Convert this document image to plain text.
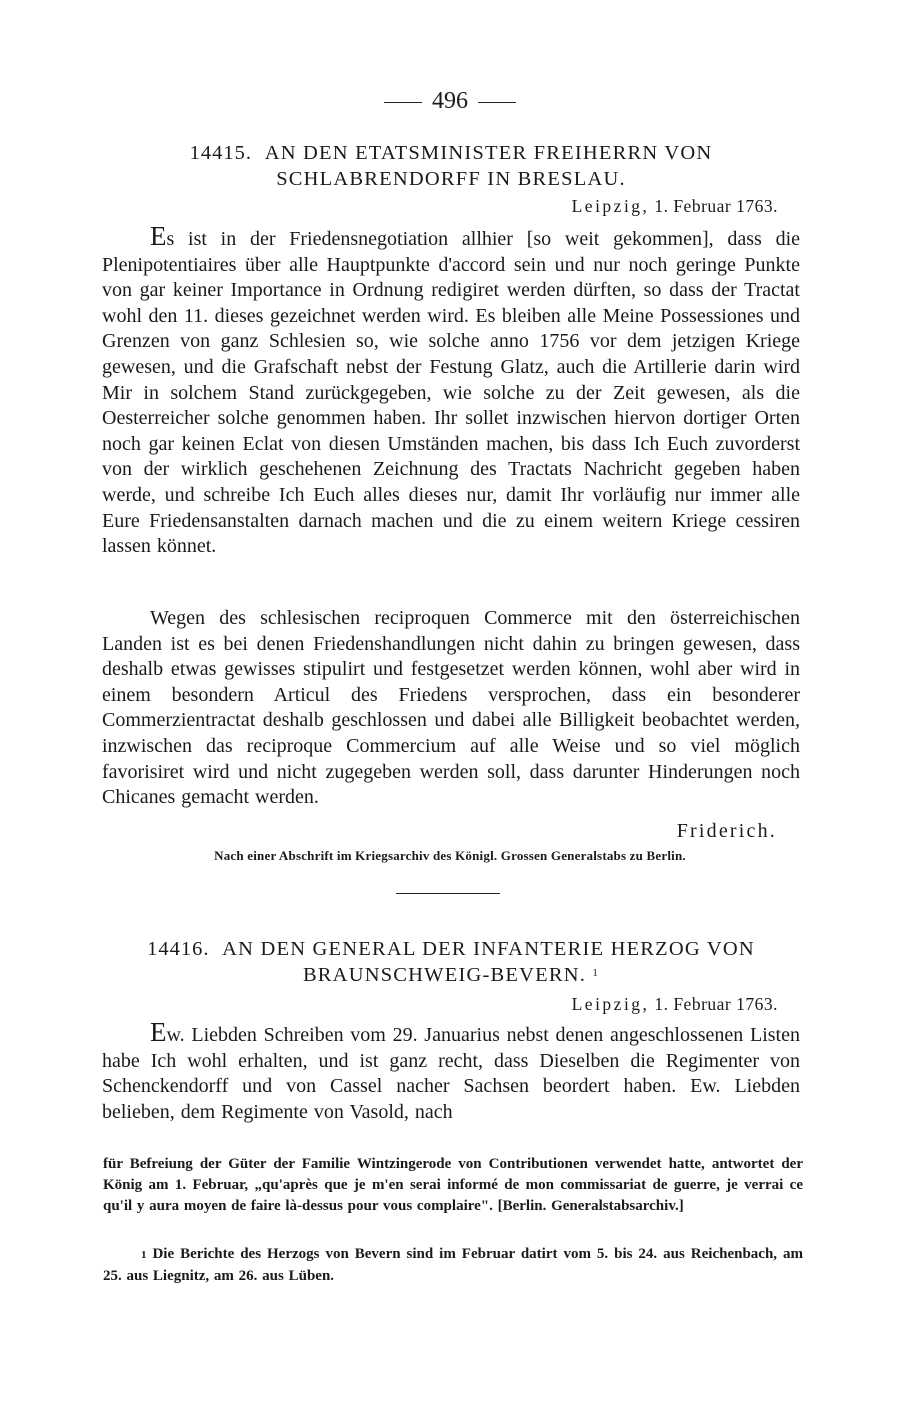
496
14415. AN DEN ETATSMINISTER FREIHERRN VON
SCHLABRENDORFF IN BRESLAU.
Leipzig, 1. Februar 1763.

Es ist in der Friedensnegotiation allhier [so weit gekommen], dass die Plenipotentiaires über alle Hauptpunkte d'accord sein und nur noch geringe Punkte von gar keiner Importance in Ordnung redigiret werden dürften, so dass der Tractat wohl den 11. dieses gezeichnet werden wird. Es bleiben alle Meine Possessiones und Grenzen von ganz Schlesien so, wie solche anno 1756 vor dem jetzigen Kriege gewesen, und die Grafschaft nebst der Festung Glatz, auch die Artillerie darin wird Mir in solchem Stand zurückgegeben, wie solche zu der Zeit gewesen, als die Oesterreicher solche genommen haben. Ihr sollet inzwischen hiervon dortiger Orten noch gar keinen Eclat von diesen Umständen machen, bis dass Ich Euch zuvorderst von der wirklich geschehenen Zeichnung des Tractats Nachricht gegeben haben werde, und schreibe Ich Euch alles dieses nur, damit Ihr vorläufig nur immer alle Eure Friedensanstalten darnach machen und die zu einem weitern Kriege cessiren lassen könnet.

Wegen des schlesischen reciproquen Commerce mit den österreichischen Landen ist es bei denen Friedenshandlungen nicht dahin zu bringen gewesen, dass deshalb etwas gewisses stipulirt und festgesetzet werden können, wohl aber wird in einem besondern Articul des Friedens versprochen, dass ein besonderer Commerzientractat deshalb geschlossen und dabei alle Billigkeit beobachtet werden, inzwischen das reciproque Commercium auf alle Weise und so viel möglich favorisiret wird und nicht zugegeben werden soll, dass darunter Hinderungen noch Chicanes gemacht werden.

Friderich.
Nach einer Abschrift im Kriegsarchiv des Königl. Grossen Generalstabs zu Berlin.
14416. AN DEN GENERAL DER INFANTERIE HERZOG VON
BRAUNSCHWEIG-BEVERN. $^1$
Leipzig, 1. Februar 1763.

Ew. Liebden Schreiben vom 29. Januarius nebst denen angeschlossenen Listen habe Ich wohl erhalten, und ist ganz recht, dass Dieselben die Regimenter von Schenckendorff und von Cassel nacher Sachsen beordert haben. Ew. Liebden belieben, dem Regimente von Vasold, nach

für Befreiung der Güter der Familie Wintzingerode von Contributionen verwendet hatte, antwortet der König am 1. Februar, „qu'après que je m'en serai informé de mon commissariat de guerre, je verrai ce qu'il y aura moyen de faire là-dessus pour vous complaire". [Berlin. Generalstabsarchiv.]

1 Die Berichte des Herzogs von Bevern sind im Februar datirt vom 5. bis 24. aus Reichenbach, am 25. aus Liegnitz, am 26. aus Lüben.
